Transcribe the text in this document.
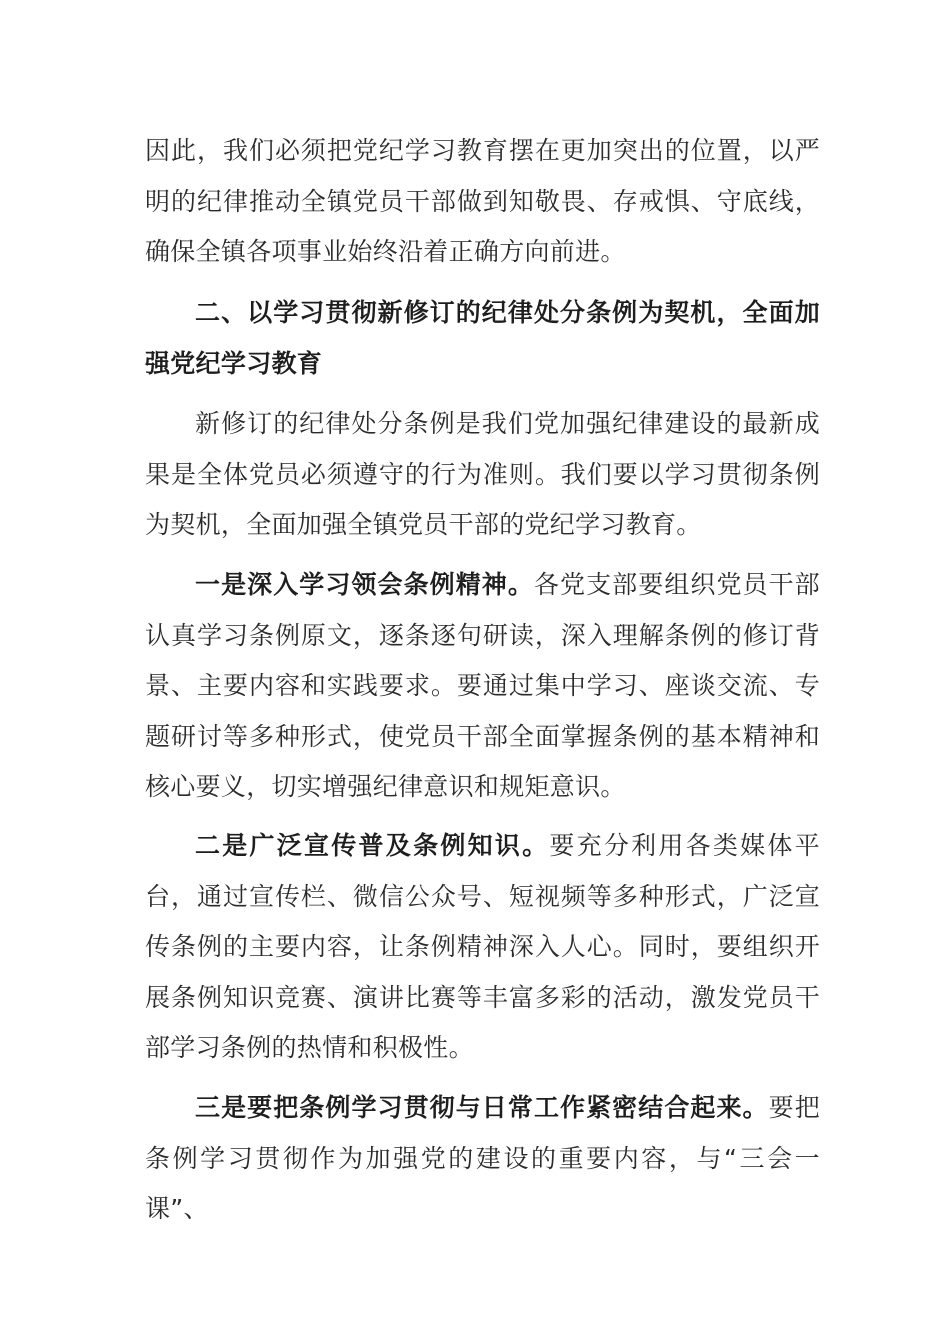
因此，我们必须把党纪学习教育摆在更加突出的位置，以严明的纪律推动全镇党员干部做到知敬畏、存戒惧、守底线，确保全镇各项事业始终沿着正确方向前进。

二、以学习贯彻新修订的纪律处分条例为契机，全面加强党纪学习教育

新修订的纪律处分条例是我们党加强纪律建设的最新成果是全体党员必须遵守的行为准则。我们要以学习贯彻条例为契机，全面加强全镇党员干部的党纪学习教育。

一是深入学习领会条例精神。各党支部要组织党员干部认真学习条例原文，逐条逐句研读，深入理解条例的修订背景、主要内容和实践要求。要通过集中学习、座谈交流、专题研讨等多种形式，使党员干部全面掌握条例的基本精神和核心要义，切实增强纪律意识和规矩意识。

二是广泛宣传普及条例知识。要充分利用各类媒体平台，通过宣传栏、微信公众号、短视频等多种形式，广泛宣传条例的主要内容，让条例精神深入人心。同时，要组织开展条例知识竞赛、演讲比赛等丰富多彩的活动，激发党员干部学习条例的热情和积极性。

三是要把条例学习贯彻与日常工作紧密结合起来。要把条例学习贯彻作为加强党的建设的重要内容，与“三会一课”、
